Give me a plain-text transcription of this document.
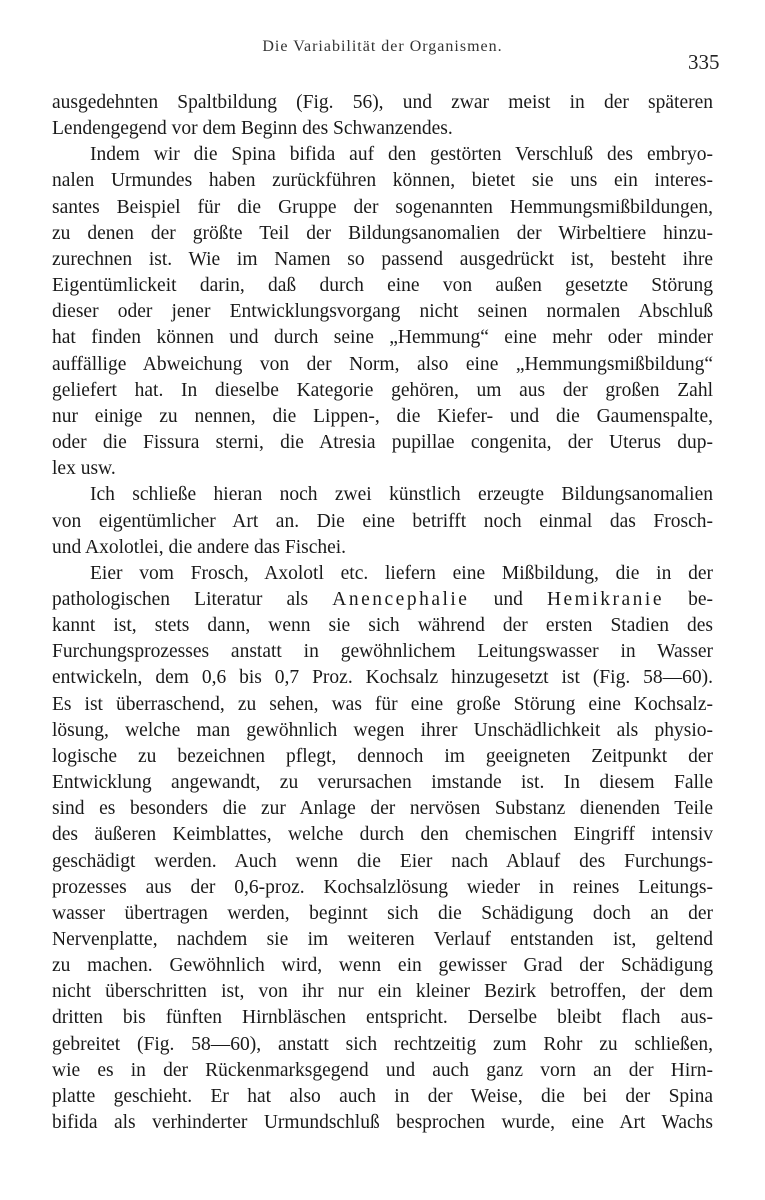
Die Variabilität der Organismen.
335

ausgedehnten Spaltbildung (Fig. 56), und zwar meist in der späteren

Lendengegend vor dem Beginn des Schwanzendes.

Indem wir die Spina bifida auf den gestörten Verschluß des embryo-

nalen Urmundes haben zurückführen können, bietet sie uns ein interes-

santes Beispiel für die Gruppe der sogenannten Hemmungsmißbildungen,

zu denen der größte Teil der Bildungsanomalien der Wirbeltiere hinzu-

zurechnen ist. Wie im Namen so passend ausgedrückt ist, besteht ihre

Eigentümlickeit darin, daß durch eine von außen gesetzte Störung

dieser oder jener Entwicklungsvorgang nicht seinen normalen Abschluß

hat finden können und durch seine „Hemmung“ eine mehr oder minder

auffällige Abweichung von der Norm, also eine „Hemmungsmißbildung“

geliefert hat. In dieselbe Kategorie gehören, um aus der großen Zahl

nur einige zu nennen, die Lippen-, die Kiefer- und die Gaumenspalte,

oder die Fissura sterni, die Atresia pupillae congenita, der Uterus dup-

lex usw.

Ich schließe hieran noch zwei künstlich erzeugte Bildungsanomalien

von eigentümlicher Art an. Die eine betrifft noch einmal das Frosch-

und Axolotlei, die andere das Fischei.

Eier vom Frosch, Axolotl etc. liefern eine Mißbildung, die in der

pathologischen Literatur als Anencephalie und Hemikranie be-

kannt ist, stets dann, wenn sie sich während der ersten Stadien des

Furchungsprozesses anstatt in gewöhnlichem Leitungswasser in Wasser

entwickeln, dem 0,6 bis 0,7 Proz. Kochsalz hinzugesetzt ist (Fig. 58—60).

Es ist überraschend, zu sehen, was für eine große Störung eine Kochsalz-

lösung, welche man gewöhnlich wegen ihrer Unschädlichkeit als physio-

logische zu bezeichnen pflegt, dennoch im geeigneten Zeitpunkt der

Entwicklung angewandt, zu verursachen imstande ist. In diesem Falle

sind es besonders die zur Anlage der nervösen Substanz dienenden Teile

des äußeren Keimblattes, welche durch den chemischen Eingriff intensiv

geschädigt werden. Auch wenn die Eier nach Ablauf des Furchungs-

prozesses aus der 0,6-proz. Kochsalzlösung wieder in reines Leitungs-

wasser übertragen werden, beginnt sich die Schädigung doch an der

Nervenplatte, nachdem sie im weiteren Verlauf entstanden ist, geltend

zu machen. Gewöhnlich wird, wenn ein gewisser Grad der Schädigung

nicht überschritten ist, von ihr nur ein kleiner Bezirk betroffen, der dem

dritten bis fünften Hirnbläschen entspricht. Derselbe bleibt flach aus-

gebreitet (Fig. 58—60), anstatt sich rechtzeitig zum Rohr zu schließen,

wie es in der Rückenmarksgegend und auch ganz vorn an der Hirn-

platte geschieht. Er hat also auch in der Weise, die bei der Spina

bifida als verhinderter Urmundschluß besprochen wurde, eine Art Wachs
